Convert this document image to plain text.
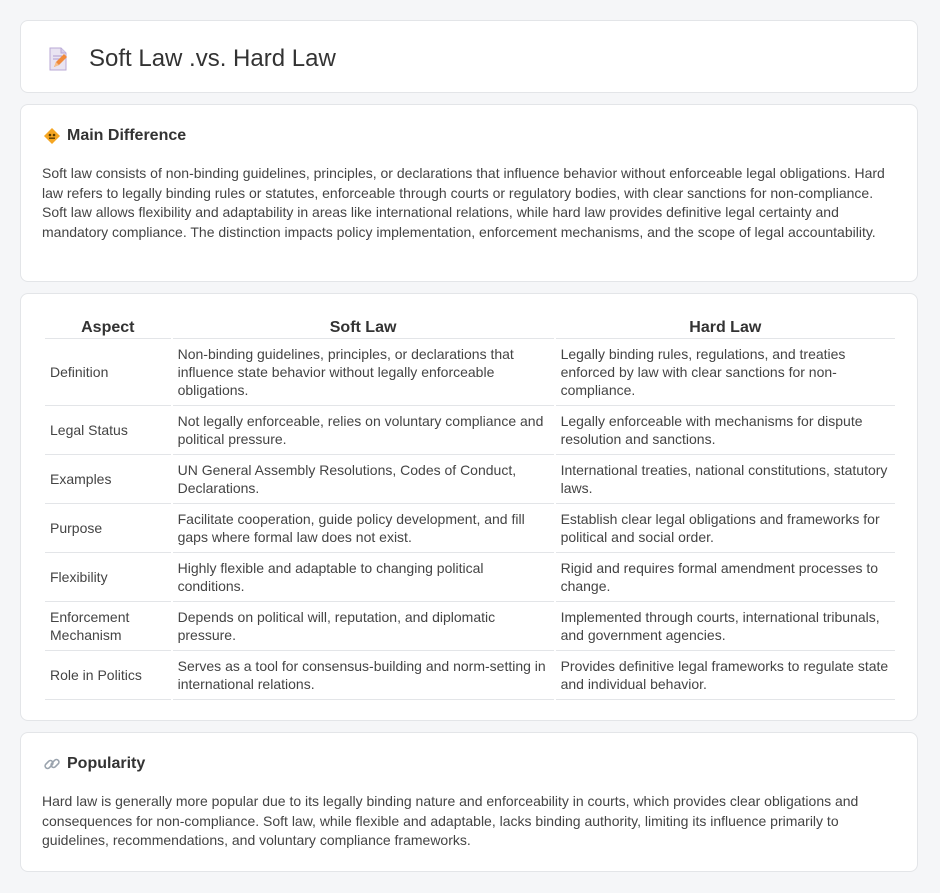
Soft Law .vs. Hard Law
Main Difference
Soft law consists of non-binding guidelines, principles, or declarations that influence behavior without enforceable legal obligations. Hard law refers to legally binding rules or statutes, enforceable through courts or regulatory bodies, with clear sanctions for non-compliance. Soft law allows flexibility and adaptability in areas like international relations, while hard law provides definitive legal certainty and mandatory compliance. The distinction impacts policy implementation, enforcement mechanisms, and the scope of legal accountability.
Aspect	Soft Law	Hard Law
Definition	Non-binding guidelines, principles, or declarations that influence state behavior without legally enforceable obligations.	Legally binding rules, regulations, and treaties enforced by law with clear sanctions for non-compliance.
Legal Status	Not legally enforceable, relies on voluntary compliance and political pressure.	Legally enforceable with mechanisms for dispute resolution and sanctions.
Examples	UN General Assembly Resolutions, Codes of Conduct, Declarations.	International treaties, national constitutions, statutory laws.
Purpose	Facilitate cooperation, guide policy development, and fill gaps where formal law does not exist.	Establish clear legal obligations and frameworks for political and social order.
Flexibility	Highly flexible and adaptable to changing political conditions.	Rigid and requires formal amendment processes to change.
Enforcement Mechanism	Depends on political will, reputation, and diplomatic pressure.	Implemented through courts, international tribunals, and government agencies.
Role in Politics	Serves as a tool for consensus-building and norm-setting in international relations.	Provides definitive legal frameworks to regulate state and individual behavior.
Popularity
Hard law is generally more popular due to its legally binding nature and enforceability in courts, which provides clear obligations and consequences for non-compliance. Soft law, while flexible and adaptable, lacks binding authority, limiting its influence primarily to guidelines, recommendations, and voluntary compliance frameworks.
